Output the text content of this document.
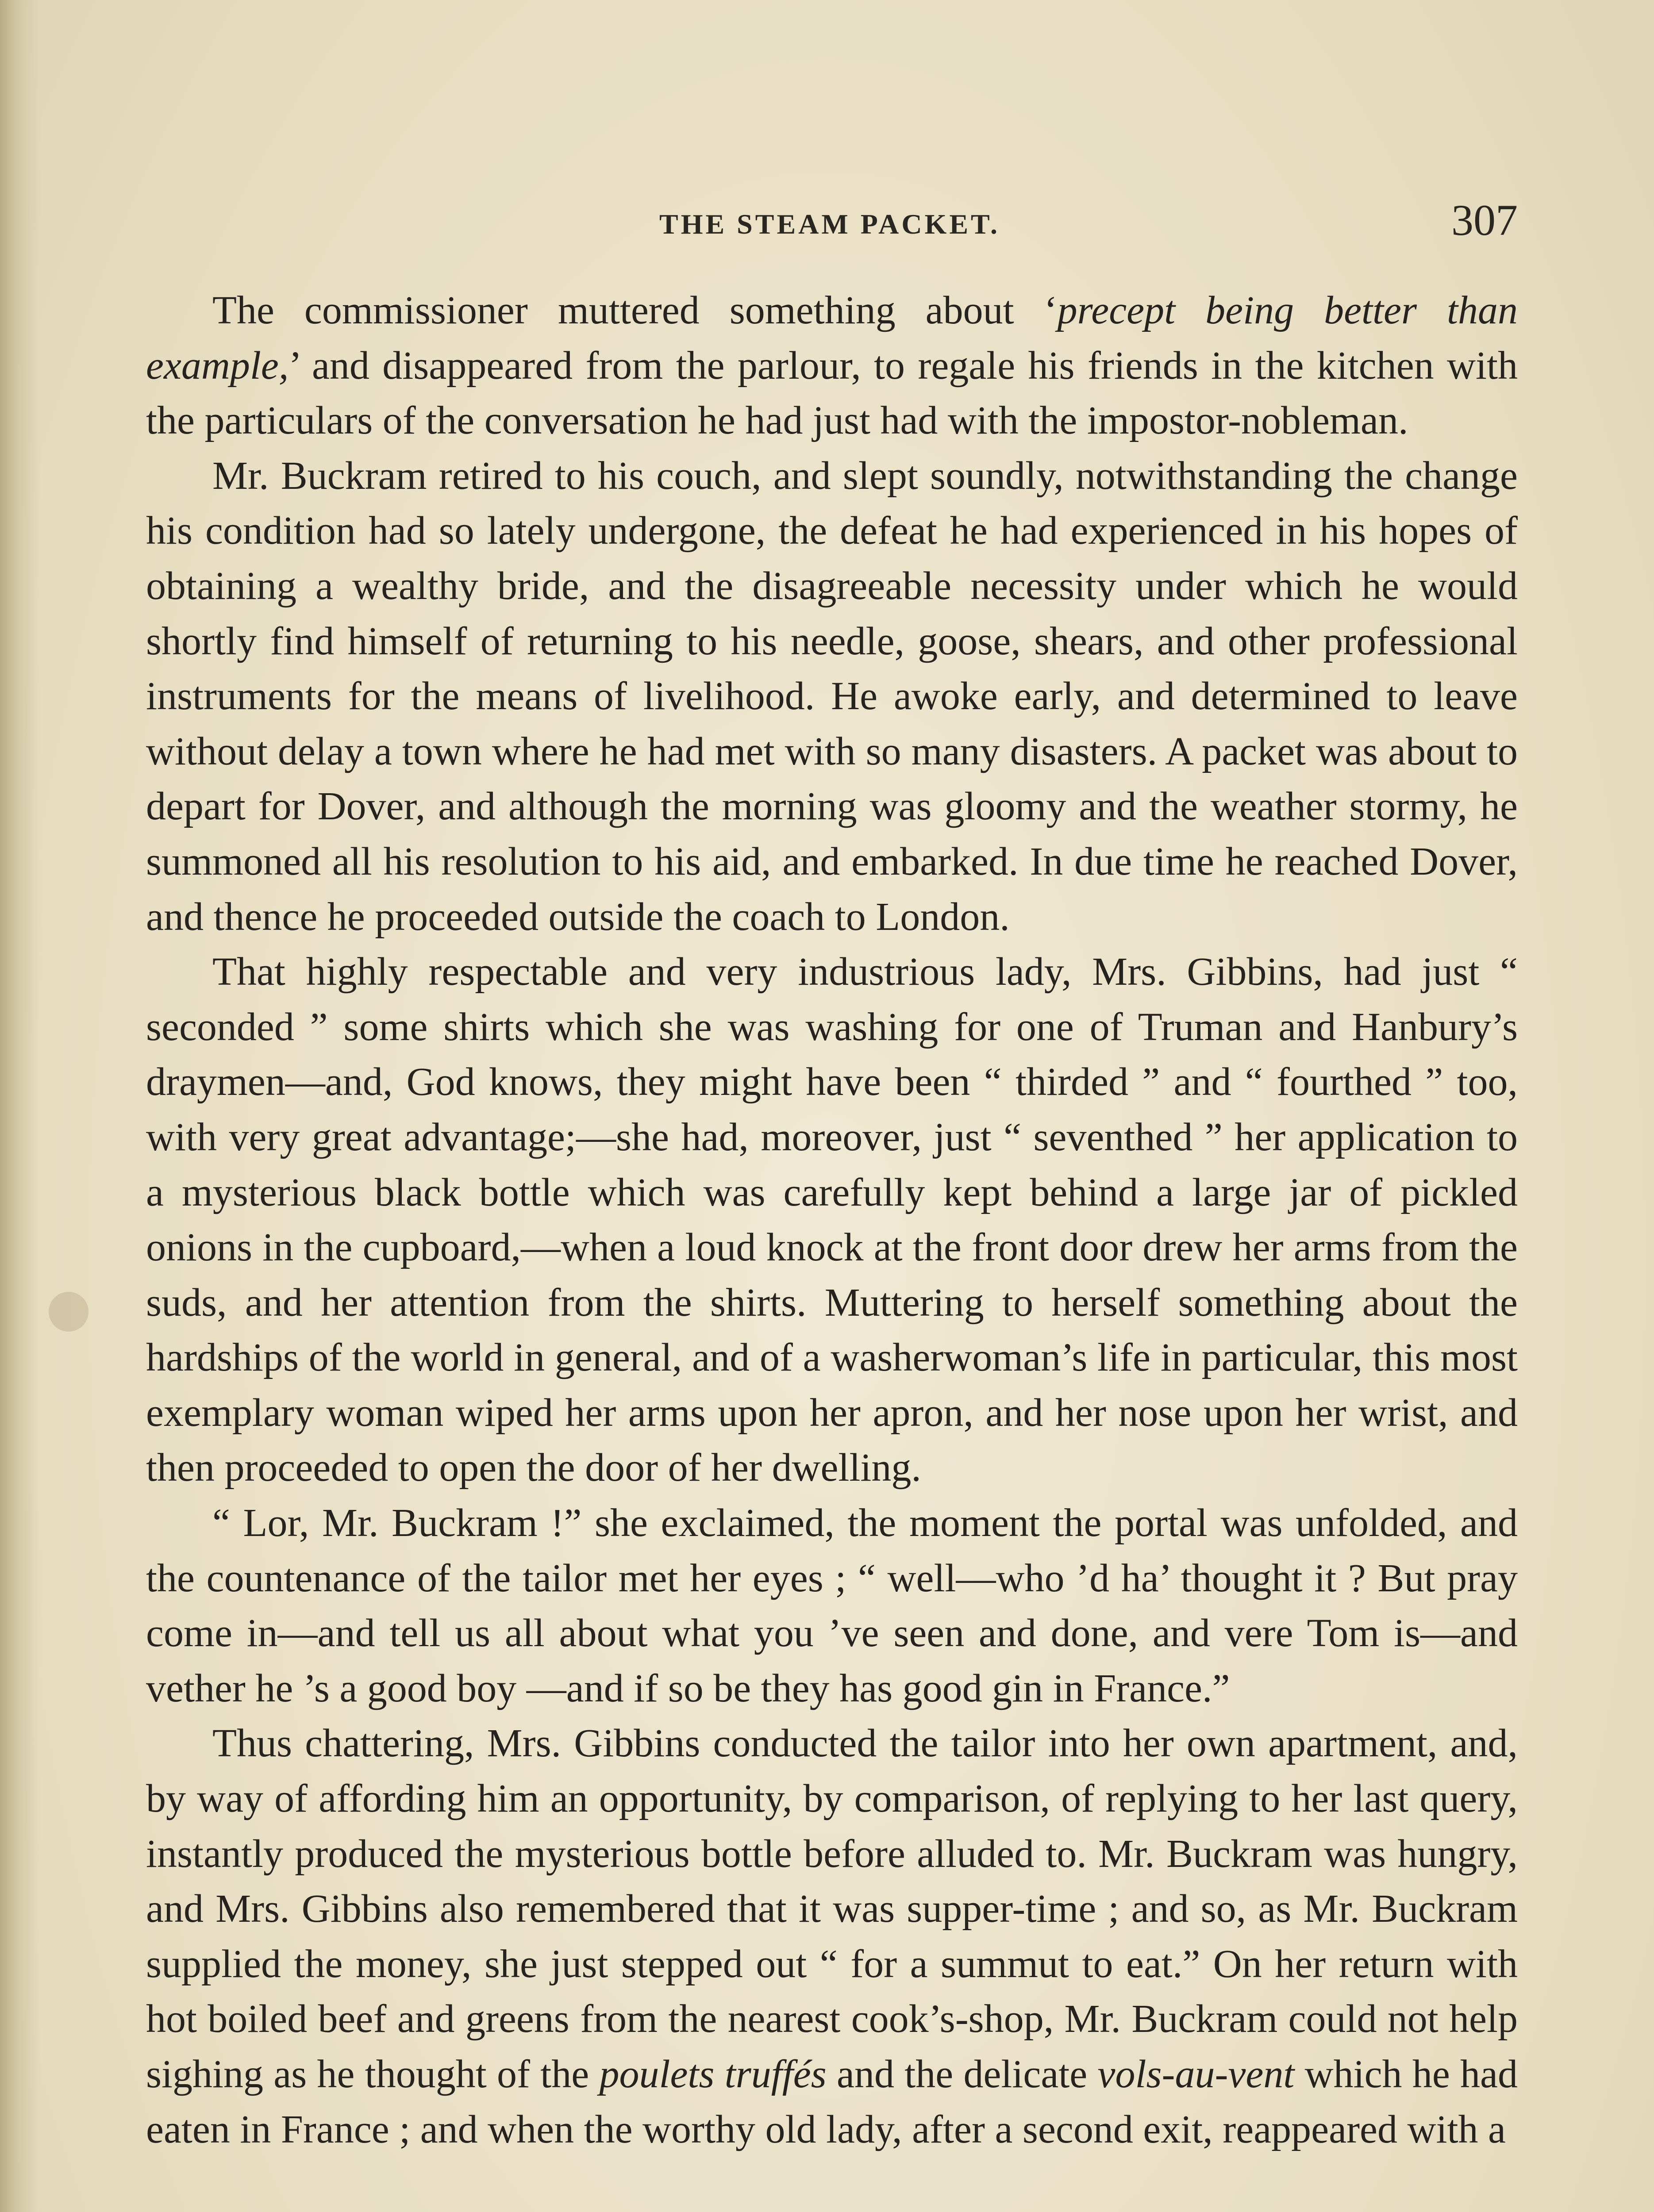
THE STEAM PACKET.	307

The commissioner muttered something about ‘precept being better than example,’ and disappeared from the parlour, to regale his friends in the kitchen with the particulars of the conversation he had just had with the impostor-nobleman.

Mr. Buckram retired to his couch, and slept soundly, notwithstanding the change his condition had so lately undergone, the defeat he had experienced in his hopes of obtaining a wealthy bride, and the disagreeable necessity under which he would shortly find himself of returning to his needle, goose, shears, and other professional instruments for the means of livelihood. He awoke early, and determined to leave without delay a town where he had met with so many disasters. A packet was about to depart for Dover, and although the morning was gloomy and the weather stormy, he summoned all his resolution to his aid, and embarked. In due time he reached Dover, and thence he proceeded outside the coach to London.

That highly respectable and very industrious lady, Mrs. Gibbins, had just “ seconded ” some shirts which she was washing for one of Truman and Hanbury’s draymen—and, God knows, they might have been “ thirded ” and “ fourthed ” too, with very great advantage;—she had, moreover, just “ seventhed ” her application to a mysterious black bottle which was carefully kept behind a large jar of pickled onions in the cupboard,—when a loud knock at the front door drew her arms from the suds, and her attention from the shirts. Muttering to herself something about the hardships of the world in general, and of a washerwoman’s life in particular, this most exemplary woman wiped her arms upon her apron, and her nose upon her wrist, and then proceeded to open the door of her dwelling.

“ Lor, Mr. Buckram !” she exclaimed, the moment the portal was unfolded, and the countenance of the tailor met her eyes ; “ well—who ’d ha’ thought it ? But pray come in—and tell us all about what you ’ve seen and done, and vere Tom is—and vether he ’s a good boy —and if so be they has good gin in France.”

Thus chattering, Mrs. Gibbins conducted the tailor into her own apartment, and, by way of affording him an opportunity, by comparison, of replying to her last query, instantly produced the mysterious bottle before alluded to. Mr. Buckram was hungry, and Mrs. Gibbins also remembered that it was supper-time ; and so, as Mr. Buckram supplied the money, she just stepped out “ for a summut to eat.” On her return with hot boiled beef and greens from the nearest cook’s-shop, Mr. Buckram could not help sighing as he thought of the poulets truffés and the delicate vols-au-vent which he had eaten in France ; and when the worthy old lady, after a second exit, reappeared with a
